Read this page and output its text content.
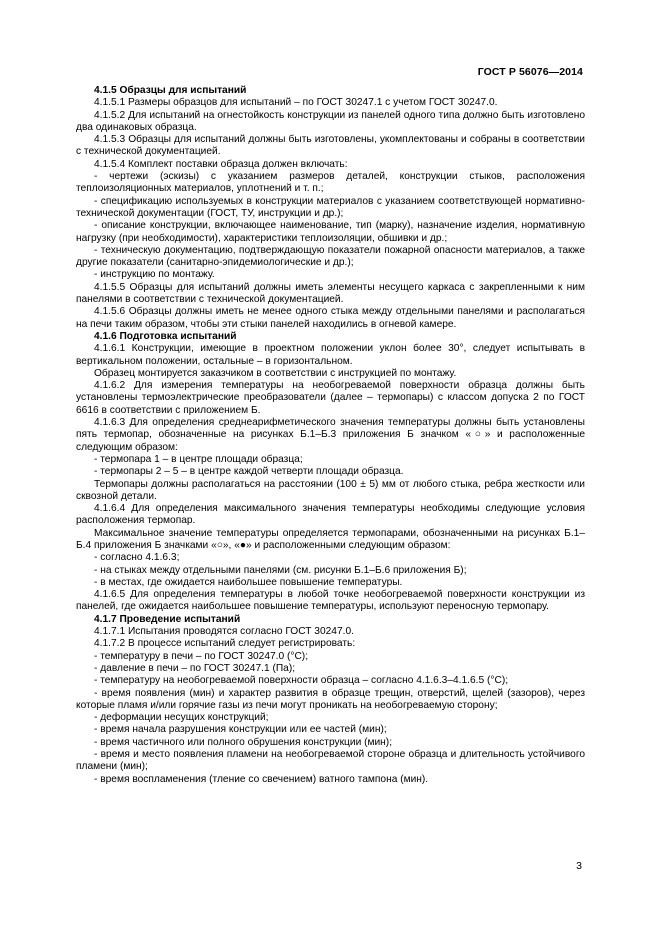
ГОСТ Р 56076—2014

4.1.5 Образцы для испытаний

4.1.5.1 Размеры образцов для испытаний – по ГОСТ 30247.1 с учетом ГОСТ 30247.0.

4.1.5.2 Для испытаний на огнестойкость конструкции из панелей одного типа должно быть изготовлено два одинаковых образца.

4.1.5.3 Образцы для испытаний должны быть изготовлены, укомплектованы и собраны в соответствии с технической документацией.

4.1.5.4 Комплект поставки образца должен включать:

- чертежи (эскизы) с указанием размеров деталей, конструкции стыков, расположения теплоизоляционных материалов, уплотнений и т. п.;

- спецификацию используемых в конструкции материалов с указанием соответствующей нормативно-технической документации (ГОСТ, ТУ, инструкции и др.);

- описание конструкции, включающее наименование, тип (марку), назначение изделия, нормативную нагрузку (при необходимости), характеристики теплоизоляции, обшивки и др.;

- техническую документацию, подтверждающую показатели пожарной опасности материалов, а также другие показатели (санитарно-эпидемиологические и др.);

- инструкцию по монтажу.

4.1.5.5 Образцы для испытаний должны иметь элементы несущего каркаса с закрепленными к ним панелями в соответствии с технической документацией.

4.1.5.6 Образцы должны иметь не менее одного стыка между отдельными панелями и располагаться на печи таким образом, чтобы эти стыки панелей находились в огневой камере.

4.1.6 Подготовка испытаний

4.1.6.1 Конструкции, имеющие в проектном положении уклон более 30°, следует испытывать в вертикальном положении, остальные – в горизонтальном.

Образец монтируется заказчиком в соответствии с инструкцией по монтажу.

4.1.6.2 Для измерения температуры на необогреваемой поверхности образца должны быть установлены термоэлектрические преобразователи (далее – термопары) с классом допуска 2 по ГОСТ 6616 в соответствии с приложением Б.

4.1.6.3 Для определения среднеарифметического значения температуры должны быть установлены пять термопар, обозначенные на рисунках Б.1–Б.3 приложения Б значком «○» и расположенные следующим образом:

- термопара 1 – в центре площади образца;

- термопары 2 – 5 – в центре каждой четверти площади образца.

Термопары должны располагаться на расстоянии (100 ± 5) мм от любого стыка, ребра жесткости или сквозной детали.

4.1.6.4 Для определения максимального значения температуры необходимы следующие условия расположения термопар.

Максимальное значение температуры определяется термопарами, обозначенными на рисунках Б.1–Б.4 приложения Б значками «○», «●» и расположенными следующим образом:

- согласно 4.1.6.3;

- на стыках между отдельными панелями (см. рисунки Б.1–Б.6 приложения Б);

- в местах, где ожидается наибольшее повышение температуры.

4.1.6.5 Для определения температуры в любой точке необогреваемой поверхности конструкции из панелей, где ожидается наибольшее повышение температуры, используют переносную термопару.

4.1.7 Проведение испытаний

4.1.7.1 Испытания проводятся согласно ГОСТ 30247.0.

4.1.7.2 В процессе испытаний следует регистрировать:

- температуру в печи – по ГОСТ 30247.0 (°С);

- давление в печи – по ГОСТ 30247.1 (Па);

- температуру на необогреваемой поверхности образца – согласно 4.1.6.3–4.1.6.5 (°С);

- время появления (мин) и характер развития в образце трещин, отверстий, щелей (зазоров), через которые пламя и/или горячие газы из печи могут проникать на необогреваемую сторону;

- деформации несущих конструкций;

- время начала разрушения конструкции или ее частей (мин);

- время частичного или полного обрушения конструкции (мин);

- время и место появления пламени на необогреваемой стороне образца и длительность устойчивого пламени (мин);

- время воспламенения (тление со свечением) ватного тампона (мин).

3
